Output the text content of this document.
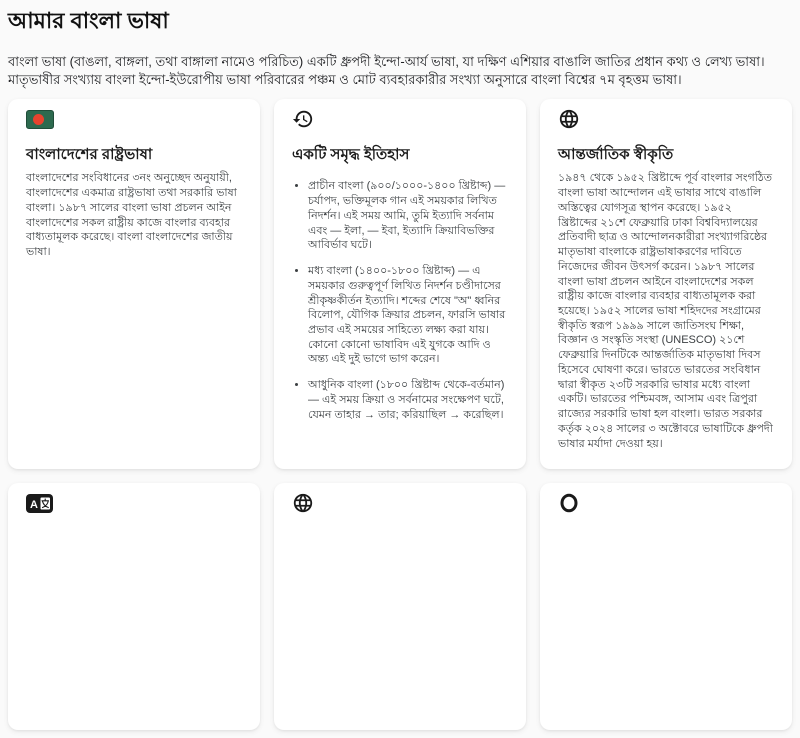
আমার বাংলা ভাষা

বাংলা ভাষা (বাঙলা, বাঙ্গলা, তথা বাঙ্গালা নামেও পরিচিত) একটি ধ্রুপদী ইন্দো-আর্য ভাষা, যা দক্ষিণ এশিয়ার বাঙালি জাতির প্রধান কথ্য ও লেখ্য ভাষা। মাতৃভাষীর সংখ্যায় বাংলা ইন্দো-ইউরোপীয় ভাষা পরিবারের পঞ্চম ও মোট ব্যবহারকারীর সংখ্যা অনুসারে বাংলা বিশ্বের ৭ম বৃহত্তম ভাষা।

বাংলাদেশের রাষ্ট্রভাষা

বাংলাদেশের সংবিধানের ৩নং অনুচ্ছেদ অনুযায়ী, বাংলাদেশের একমাত্র রাষ্ট্রভাষা তথা সরকারি ভাষা বাংলা। ১৯৮৭ সালের বাংলা ভাষা প্রচলন আইন বাংলাদেশের সকল রাষ্ট্রীয় কাজে বাংলার ব্যবহার বাধ্যতামূলক করেছে। বাংলা বাংলাদেশের জাতীয় ভাষা।

একটি সমৃদ্ধ ইতিহাস
• প্রাচীন বাংলা (৯০০/১০০০-১৪০০ খ্রিষ্টাব্দ) — চর্যাপদ, ভক্তিমূলক গান এই সময়কার লিখিত নিদর্শন। এই সময় আমি, তুমি ইত্যাদি সর্বনাম এবং — ইলা, — ইবা, ইত্যাদি ক্রিয়াবিভক্তির আবির্ভাব ঘটে।
• মধ্য বাংলা (১৪০০-১৮০০ খ্রিষ্টাব্দ) — এ সময়কার গুরুত্বপূর্ণ লিখিত নিদর্শন চণ্ডীদাসের শ্রীকৃষ্ণকীর্তন ইত্যাদি। শব্দের শেষে "অ" ধ্বনির বিলোপ, যৌগিক ক্রিয়ার প্রচলন, ফারসি ভাষার প্রভাব এই সময়ের সাহিত্যে লক্ষ্য করা যায়। কোনো কোনো ভাষাবিদ এই যুগকে আদি ও অন্ত্য এই দুই ভাগে ভাগ করেন।
• আধুনিক বাংলা (১৮০০ খ্রিষ্টাব্দ থেকে-বর্তমান) — এই সময় ক্রিয়া ও সর্বনামের সংক্ষেপণ ঘটে, যেমন তাহার → তার; করিয়াছিল → করেছিল।
আন্তর্জাতিক স্বীকৃতি

১৯৪৭ থেকে ১৯৫২ খ্রিষ্টাব্দে পূর্ব বাংলার সংগঠিত বাংলা ভাষা আন্দোলন এই ভাষার সাথে বাঙালি অস্তিত্বের যোগসূত্র স্থাপন করেছে। ১৯৫২ খ্রিষ্টাব্দের ২১শে ফেব্রুয়ারি ঢাকা বিশ্ববিদ্যালয়ের প্রতিবাদী ছাত্র ও আন্দোলনকারীরা সংখ্যাগরিষ্ঠের মাতৃভাষা বাংলাকে রাষ্ট্রভাষাকরণের দাবিতে নিজেদের জীবন উৎসর্গ করেন। ১৯৮৭ সালের বাংলা ভাষা প্রচলন আইনে বাংলাদেশের সকল রাষ্ট্রীয় কাজে বাংলার ব্যবহার বাধ্যতামূলক করা হয়েছে। ১৯৫২ সালের ভাষা শহিদদের সংগ্রামের স্বীকৃতি স্বরূপ ১৯৯৯ সালে জাতিসংঘ শিক্ষা, বিজ্ঞান ও সংস্কৃতি সংস্থা (UNESCO) ২১শে ফেব্রুয়ারি দিনটিকে আন্তর্জাতিক মাতৃভাষা দিবস হিসেবে ঘোষণা করে। ভারতে ভারতের সংবিধান দ্বারা স্বীকৃত ২৩টি সরকারি ভাষার মধ্যে বাংলা একটি। ভারতের পশ্চিমবঙ্গ, আসাম এবং ত্রিপুরা রাজ্যের সরকারি ভাষা হল বাংলা। ভারত সরকার কর্তৃক ২০২৪ সালের ৩ অক্টোবরে ভাষাটিকে ধ্রুপদী ভাষার মর্যাদা দেওয়া হয়।

A
